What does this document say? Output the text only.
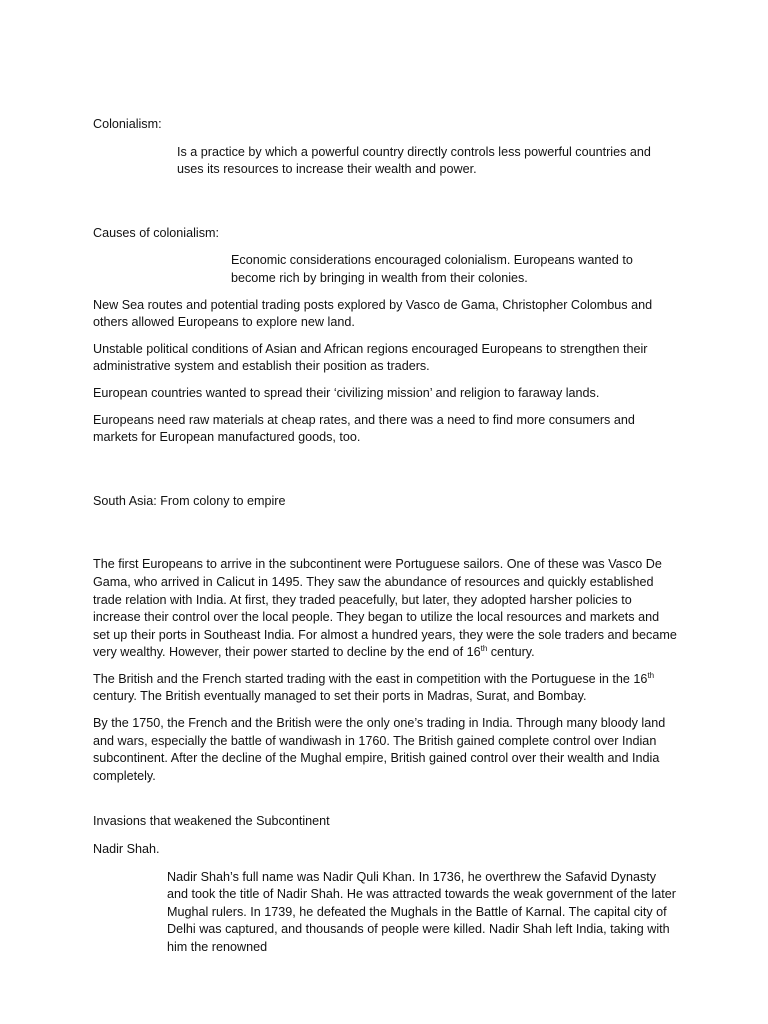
Colonialism:

Is a practice by which a powerful country directly controls less powerful countries and uses its resources to increase their wealth and power.

Causes of colonialism:

Economic considerations encouraged colonialism. Europeans wanted to become rich by bringing in wealth from their colonies.

New Sea routes and potential trading posts explored by Vasco de Gama, Christopher Colombus and others allowed Europeans to explore new land.

Unstable political conditions of Asian and African regions encouraged Europeans to strengthen their administrative system and establish their position as traders.

European countries wanted to spread their ‘civilizing mission’ and religion to faraway lands.

Europeans need raw materials at cheap rates, and there was a need to find more consumers and markets for European manufactured goods, too.

South Asia: From colony to empire

The first Europeans to arrive in the subcontinent were Portuguese sailors. One of these was Vasco De Gama, who arrived in Calicut in 1495. They saw the abundance of resources and quickly established trade relation with India. At first, they traded peacefully, but later, they adopted harsher policies to increase their control over the local people. They began to utilize the local resources and markets and set up their ports in Southeast India. For almost a hundred years, they were the sole traders and became very wealthy. However, their power started to decline by the end of 16th century.

The British and the French started trading with the east in competition with the Portuguese in the 16th century. The British eventually managed to set their ports in Madras, Surat, and Bombay.

By the 1750, the French and the British were the only one’s trading in India. Through many bloody land and wars, especially the battle of wandiwash in 1760. The British gained complete control over Indian subcontinent. After the decline of the Mughal empire, British gained control over their wealth and India completely.

Invasions that weakened the Subcontinent

Nadir Shah.

Nadir Shah’s full name was Nadir Quli Khan. In 1736, he overthrew the Safavid Dynasty and took the title of Nadir Shah. He was attracted towards the weak government of the later Mughal rulers. In 1739, he defeated the Mughals in the Battle of Karnal. The capital city of Delhi was captured, and thousands of people were killed. Nadir Shah left India, taking with him the renowned
